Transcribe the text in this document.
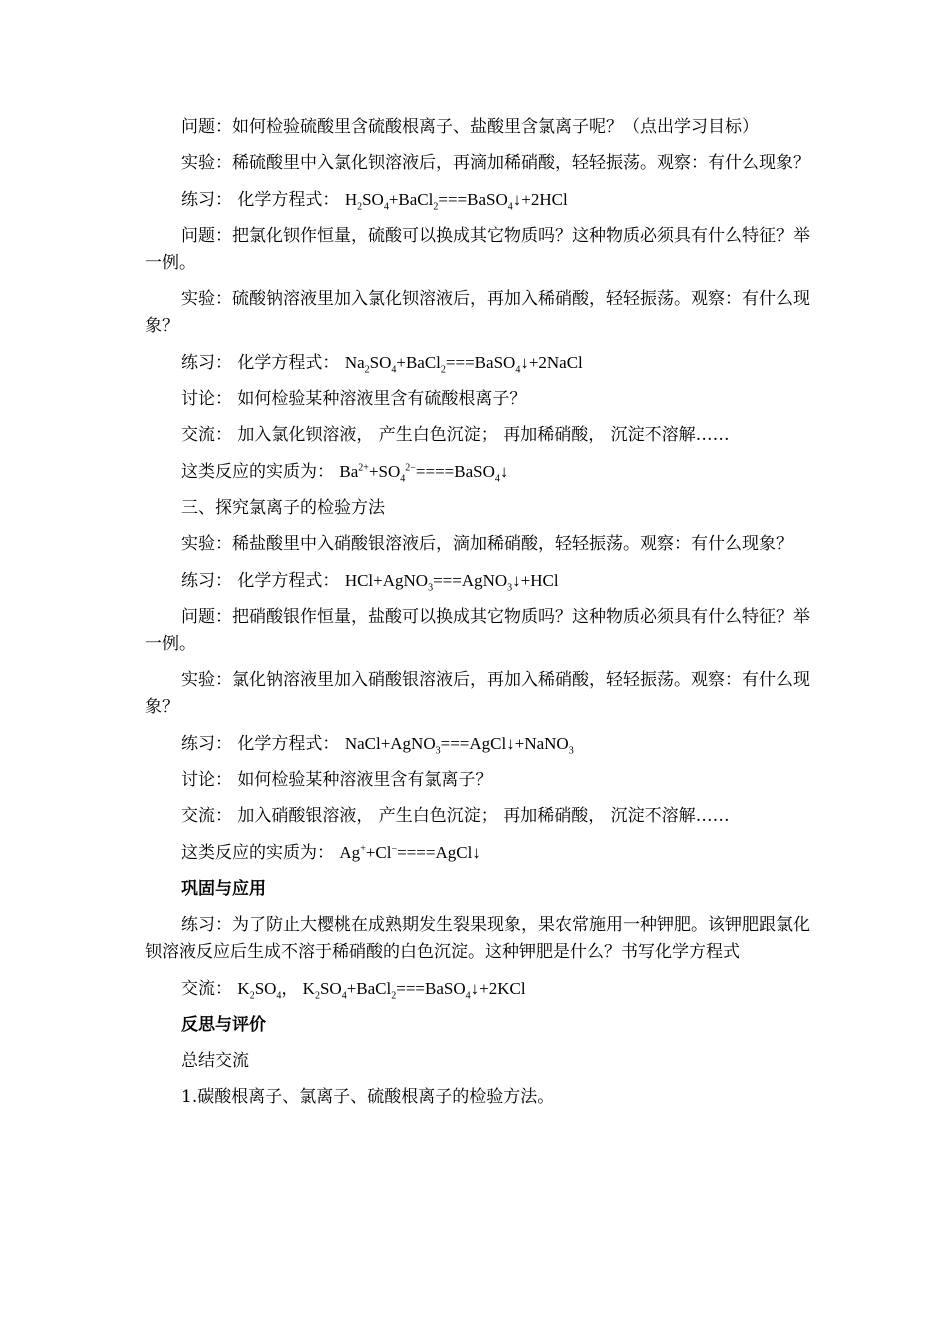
问题：如何检验硫酸里含硫酸根离子、盐酸里含氯离子呢？（点出学习目标）

实验：稀硫酸里中入氯化钡溶液后，再滴加稀硝酸，轻轻振荡。观察：有什么现象？

练习： 化学方程式： $H_2SO_4+BaCl_2===BaSO_4↓+2HCl$

问题：把氯化钡作恒量，硫酸可以换成其它物质吗？这种物质必须具有什么特征？举一例。

实验：硫酸钠溶液里加入氯化钡溶液后，再加入稀硝酸，轻轻振荡。观察：有什么现象？

练习： 化学方程式： $Na_2SO_4+BaCl_2===BaSO_4↓+2NaCl$

讨论： 如何检验某种溶液里含有硫酸根离子？

交流： 加入氯化钡溶液， 产生白色沉淀； 再加稀硝酸， 沉淀不溶解……

这类反应的实质为： $Ba^{2+}+SO_4^{2-}====BaSO_4↓$

三、探究氯离子的检验方法

实验：稀盐酸里中入硝酸银溶液后，滴加稀硝酸，轻轻振荡。观察：有什么现象？

练习： 化学方程式： HCl+AgNO$_3$===AgNO$_3$↓+HCl

问题：把硝酸银作恒量，盐酸可以换成其它物质吗？这种物质必须具有什么特征？举一例。

实验：氯化钠溶液里加入硝酸银溶液后，再加入稀硝酸，轻轻振荡。观察：有什么现象？

练习： 化学方程式： NaCl+AgNO$_3$===AgCl↓+NaNO$_3$

讨论： 如何检验某种溶液里含有氯离子？

交流： 加入硝酸银溶液， 产生白色沉淀； 再加稀硝酸， 沉淀不溶解……

这类反应的实质为： Ag++Cl−====AgCl↓

巩固与应用

练习：为了防止大樱桃在成熟期发生裂果现象，果农常施用一种钾肥。该钾肥跟氯化钡溶液反应后生成不溶于稀硝酸的白色沉淀。这种钾肥是什么？书写化学方程式

交流： $K_2SO_4$， $K_2SO_4+BaCl_2===BaSO_4↓+2KCl$

反思与评价

总结交流

1.碳酸根离子、氯离子、硫酸根离子的检验方法。
